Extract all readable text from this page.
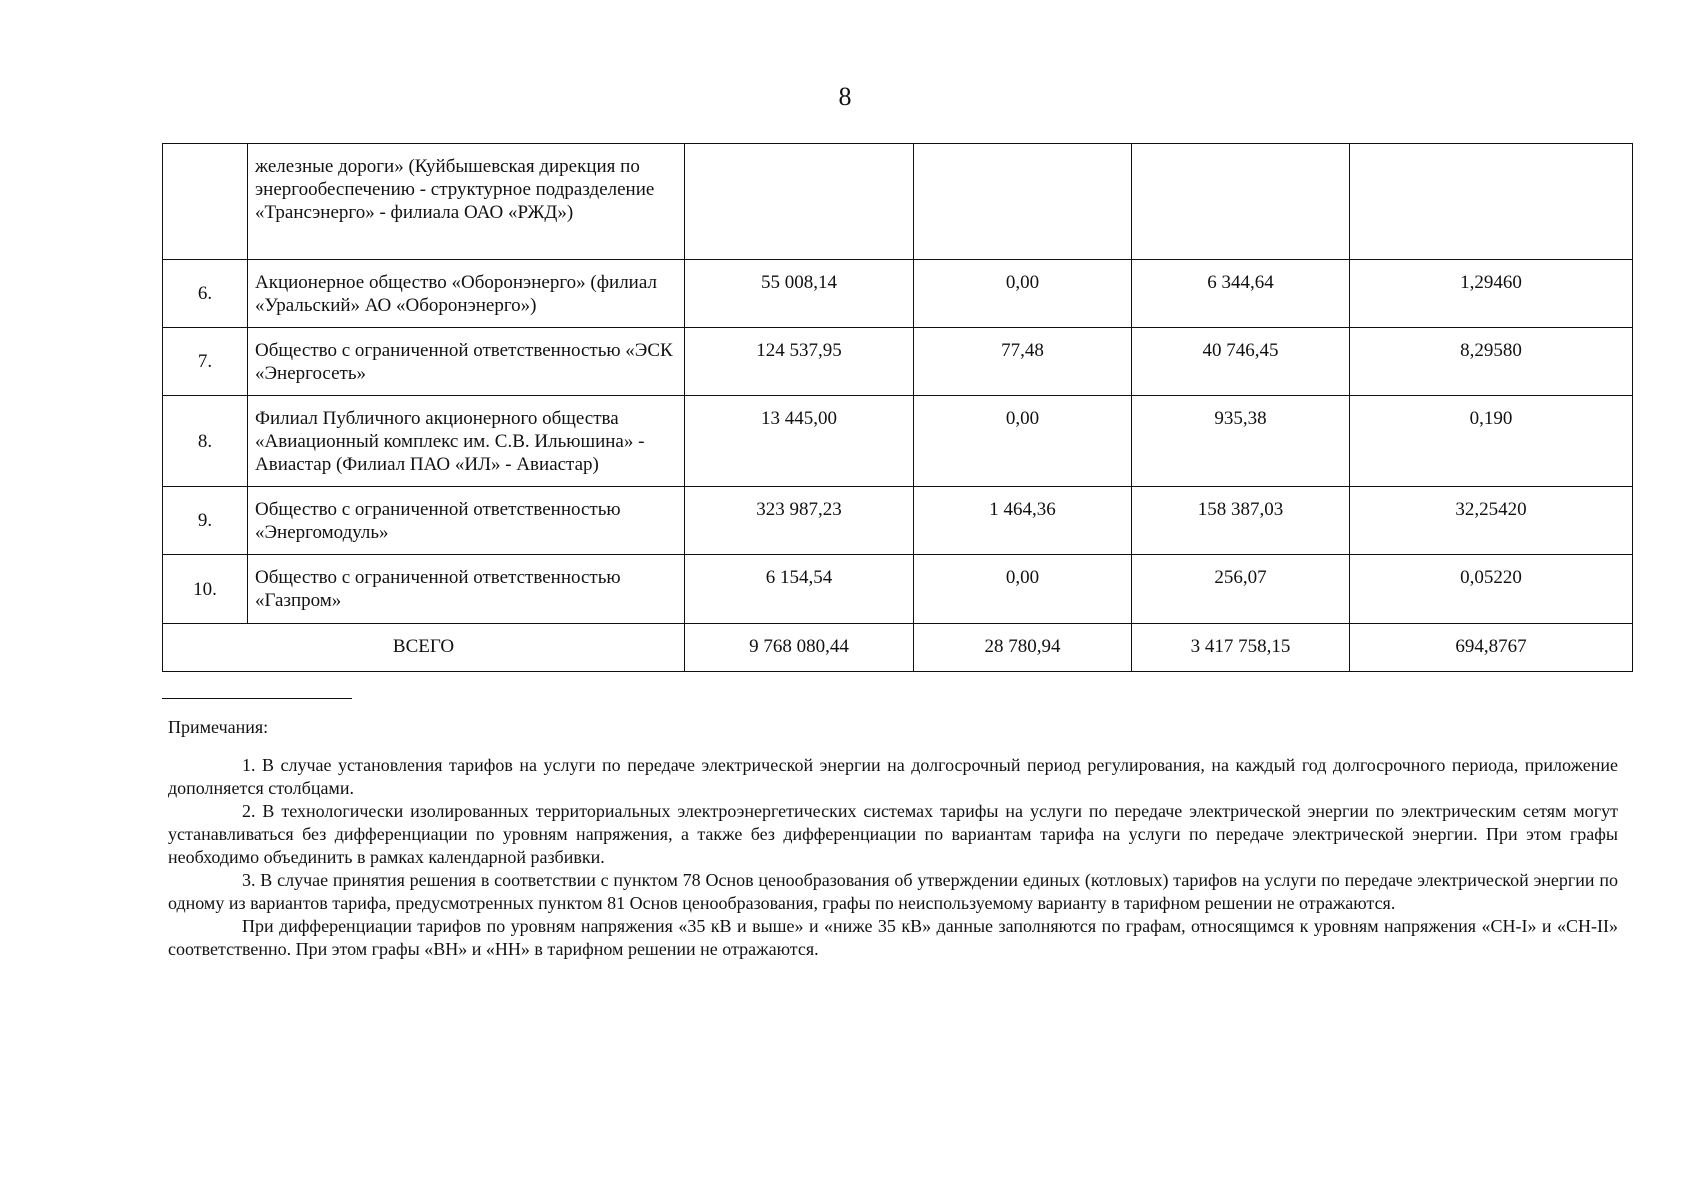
8
	железные дороги» (Куйбышевская дирекция по энергообеспечению - структурное подразделение «Трансэнерго» - филиала ОАО «РЖД»)				
6.	Акционерное общество «Оборонэнерго» (филиал «Уральский» АО «Оборонэнерго»)	55 008,14	0,00	6 344,64	1,29460
7.	Общество с ограниченной ответственностью «ЭСК «Энергосеть»	124 537,95	77,48	40 746,45	8,29580
8.	Филиал Публичного акционерного общества «Авиационный комплекс им. С.В. Ильюшина» - Авиастар (Филиал ПАО «ИЛ» - Авиастар)	13 445,00	0,00	935,38	0,190
9.	Общество с ограниченной ответственностью «Энергомодуль»	323 987,23	1 464,36	158 387,03	32,25420
10.	Общество с ограниченной ответственностью «Газпром»	6 154,54	0,00	256,07	0,05220
ВСЕГО		9 768 080,44	28 780,94	3 417 758,15	694,8767

Примечания:

1. В случае установления тарифов на услуги по передаче электрической энергии на долгосрочный период регулирования, на каждый год долгосрочного периода, приложение дополняется столбцами.

2. В технологически изолированных территориальных электроэнергетических системах тарифы на услуги по передаче электрической энергии по электрическим сетям могут устанавливаться без дифференциации по уровням напряжения, а также без дифференциации по вариантам тарифа на услуги по передаче электрической энергии. При этом графы необходимо объединить в рамках календарной разбивки.

3. В случае принятия решения в соответствии с пунктом 78 Основ ценообразования об утверждении единых (котловых) тарифов на услуги по передаче электрической энергии по одному из вариантов тарифа, предусмотренных пунктом 81 Основ ценообразования, графы по неиспользуемому варианту в тарифном решении не отражаются.

При дифференциации тарифов по уровням напряжения «35 кВ и выше» и «ниже 35 кВ» данные заполняются по графам, относящимся к уровням напряжения «СН-I» и «СН-II» соответственно. При этом графы «ВН» и «НН» в тарифном решении не отражаются.
